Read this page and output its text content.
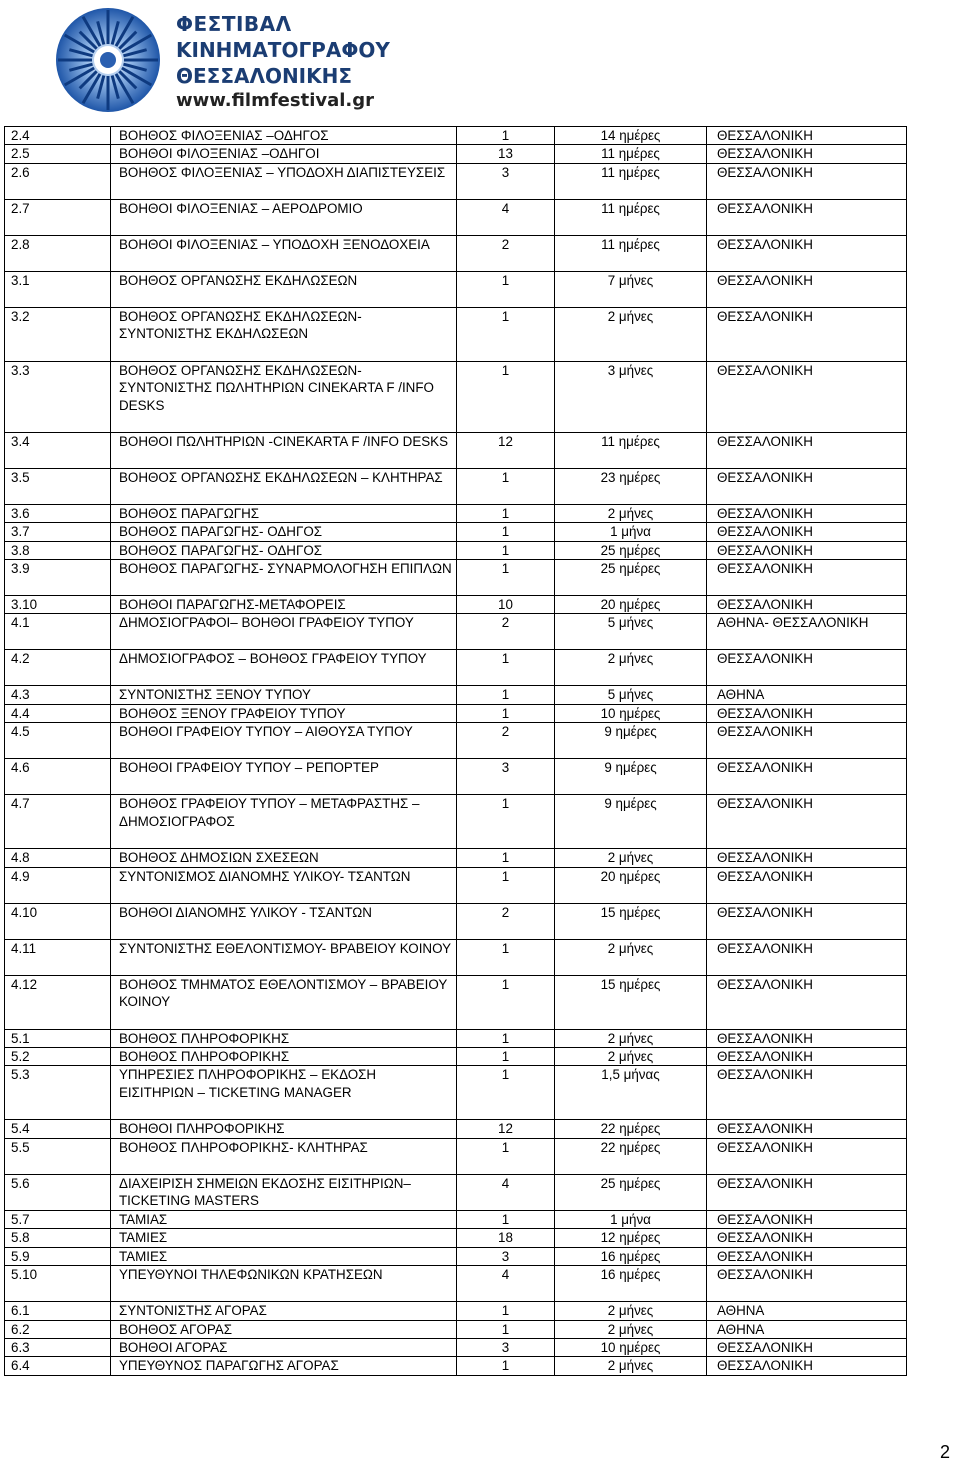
ΦΕΣΤΙΒΑΛ
ΚΙΝΗΜΑΤΟΓΡΑΦΟΥ
ΘΕΣΣΑΛΟΝΙΚΗΣ
www.filmfestival.gr
2.4	ΒΟΗΘΟΣ ΦΙΛΟΞΕΝΙΑΣ –ΟΔΗΓΟΣ	1	14 ημέρες	ΘΕΣΣΑΛΟΝΙΚΗ
2.5	ΒΟΗΘΟΙ ΦΙΛΟΞΕΝΙΑΣ –ΟΔΗΓΟΙ	13	11 ημέρες	ΘΕΣΣΑΛΟΝΙΚΗ
2.6	ΒΟΗΘΟΣ ΦΙΛΟΞΕΝΙΑΣ – ΥΠΟΔΟΧΗ ΔΙΑΠΙΣΤΕΥΣΕΙΣ	3	11 ημέρες	ΘΕΣΣΑΛΟΝΙΚΗ
2.7	ΒΟΗΘΟΙ ΦΙΛΟΞΕΝΙΑΣ – ΑΕΡΟΔΡΟΜΙΟ	4	11 ημέρες	ΘΕΣΣΑΛΟΝΙΚΗ
2.8	ΒΟΗΘΟΙ ΦΙΛΟΞΕΝΙΑΣ – ΥΠΟΔΟΧΗ ΞΕΝΟΔΟΧΕΙΑ	2	11 ημέρες	ΘΕΣΣΑΛΟΝΙΚΗ
3.1	ΒΟΗΘΟΣ ΟΡΓΑΝΩΣΗΣ ΕΚΔΗΛΩΣΕΩΝ	1	7 μήνες	ΘΕΣΣΑΛΟΝΙΚΗ
3.2	ΒΟΗΘΟΣ ΟΡΓΑΝΩΣΗΣ ΕΚΔΗΛΩΣΕΩΝ- ΣΥΝΤΟΝΙΣΤΗΣ ΕΚΔΗΛΩΣΕΩΝ	1	2 μήνες	ΘΕΣΣΑΛΟΝΙΚΗ
3.3	ΒΟΗΘΟΣ ΟΡΓΑΝΩΣΗΣ ΕΚΔΗΛΩΣΕΩΝ- ΣΥΝΤΟΝΙΣΤΗΣ ΠΩΛΗΤΗΡΙΩΝ CINEKARTA F /INFO DESKS	1	3 μήνες	ΘΕΣΣΑΛΟΝΙΚΗ
3.4	ΒΟΗΘΟΙ ΠΩΛΗΤΗΡΙΩΝ -CINEKARTA F /INFO DESKS	12	11 ημέρες	ΘΕΣΣΑΛΟΝΙΚΗ
3.5	ΒΟΗΘΟΣ ΟΡΓΑΝΩΣΗΣ ΕΚΔΗΛΩΣΕΩΝ – ΚΛΗΤΗΡΑΣ	1	23 ημέρες	ΘΕΣΣΑΛΟΝΙΚΗ
3.6	ΒΟΗΘΟΣ ΠΑΡΑΓΩΓΗΣ	1	2 μήνες	ΘΕΣΣΑΛΟΝΙΚΗ
3.7	ΒΟΗΘΟΣ ΠΑΡΑΓΩΓΗΣ- ΟΔΗΓΟΣ	1	1 μήνα	ΘΕΣΣΑΛΟΝΙΚΗ
3.8	ΒΟΗΘΟΣ ΠΑΡΑΓΩΓΗΣ- ΟΔΗΓΟΣ	1	25 ημέρες	ΘΕΣΣΑΛΟΝΙΚΗ
3.9	ΒΟΗΘΟΣ ΠΑΡΑΓΩΓΗΣ- ΣΥΝΑΡΜΟΛΟΓΗΣΗ ΕΠΙΠΛΩΝ	1	25 ημέρες	ΘΕΣΣΑΛΟΝΙΚΗ
3.10	ΒΟΗΘΟΙ ΠΑΡΑΓΩΓΗΣ-ΜΕΤΑΦΟΡΕΙΣ	10	20 ημέρες	ΘΕΣΣΑΛΟΝΙΚΗ
4.1	ΔΗΜΟΣΙΟΓΡΑΦΟΙ– ΒΟΗΘΟΙ ΓΡΑΦΕΙΟΥ ΤΥΠΟΥ	2	5 μήνες	ΑΘΗΝΑ- ΘΕΣΣΑΛΟΝΙΚΗ
4.2	ΔΗΜΟΣΙΟΓΡΑΦΟΣ – ΒΟΗΘΟΣ ΓΡΑΦΕΙΟΥ ΤΥΠΟΥ	1	2 μήνες	ΘΕΣΣΑΛΟΝΙΚΗ
4.3	ΣΥΝΤΟΝΙΣΤΗΣ ΞΕΝΟΥ ΤΥΠΟΥ	1	5 μήνες	ΑΘΗΝΑ
4.4	ΒΟΗΘΟΣ ΞΕΝΟΥ ΓΡΑΦΕΙΟΥ ΤΥΠΟΥ	1	10 ημέρες	ΘΕΣΣΑΛΟΝΙΚΗ
4.5	ΒΟΗΘΟΙ ΓΡΑΦΕΙΟΥ ΤΥΠΟΥ – ΑΙΘΟΥΣΑ ΤΥΠΟΥ	2	9 ημέρες	ΘΕΣΣΑΛΟΝΙΚΗ
4.6	ΒΟΗΘΟΙ ΓΡΑΦΕΙΟΥ ΤΥΠΟΥ – ΡΕΠΟΡΤΕΡ	3	9 ημέρες	ΘΕΣΣΑΛΟΝΙΚΗ
4.7	ΒΟΗΘΟΣ ΓΡΑΦΕΙΟΥ ΤΥΠΟΥ – ΜΕΤΑΦΡΑΣΤΗΣ – ΔΗΜΟΣΙΟΓΡΑΦΟΣ	1	9 ημέρες	ΘΕΣΣΑΛΟΝΙΚΗ
4.8	ΒΟΗΘΟΣ ΔΗΜΟΣΙΩΝ ΣΧΕΣΕΩΝ	1	2 μήνες	ΘΕΣΣΑΛΟΝΙΚΗ
4.9	ΣΥΝΤΟΝΙΣΜΟΣ ΔΙΑΝΟΜΗΣ ΥΛΙΚΟΥ- ΤΣΑΝΤΩΝ	1	20 ημέρες	ΘΕΣΣΑΛΟΝΙΚΗ
4.10	ΒΟΗΘΟΙ ΔΙΑΝΟΜΗΣ ΥΛΙΚΟΥ - ΤΣΑΝΤΩΝ	2	15 ημέρες	ΘΕΣΣΑΛΟΝΙΚΗ
4.11	ΣΥΝΤΟΝΙΣΤΗΣ ΕΘΕΛΟΝΤΙΣΜΟΥ- ΒΡΑΒΕΙΟΥ ΚΟΙΝΟΥ	1	2 μήνες	ΘΕΣΣΑΛΟΝΙΚΗ
4.12	ΒΟΗΘΟΣ ΤΜΗΜΑΤΟΣ ΕΘΕΛΟΝΤΙΣΜΟΥ – ΒΡΑΒΕΙΟΥ ΚΟΙΝΟΥ	1	15 ημέρες	ΘΕΣΣΑΛΟΝΙΚΗ
5.1	ΒΟΗΘΟΣ ΠΛΗΡΟΦΟΡΙΚΗΣ	1	2 μήνες	ΘΕΣΣΑΛΟΝΙΚΗ
5.2	ΒΟΗΘΟΣ ΠΛΗΡΟΦΟΡΙΚΗΣ	1	2 μήνες	ΘΕΣΣΑΛΟΝΙΚΗ
5.3	ΥΠΗΡΕΣΙΕΣ ΠΛΗΡΟΦΟΡΙΚΗΣ – ΕΚΔΟΣΗ ΕΙΣΙΤΗΡΙΩΝ – TICKETING MANAGER	1	1,5 μήνας	ΘΕΣΣΑΛΟΝΙΚΗ
5.4	ΒΟΗΘΟΙ ΠΛΗΡΟΦΟΡΙΚΗΣ	12	22 ημέρες	ΘΕΣΣΑΛΟΝΙΚΗ
5.5	ΒΟΗΘΟΣ ΠΛΗΡΟΦΟΡΙΚΗΣ- ΚΛΗΤΗΡΑΣ	1	22 ημέρες	ΘΕΣΣΑΛΟΝΙΚΗ
5.6	ΔΙΑΧΕΙΡΙΣΗ ΣΗΜΕΙΩΝ ΕΚΔΟΣΗΣ ΕΙΣΙΤΗΡΙΩΝ– TICKETING MASTERS	4	25 ημέρες	ΘΕΣΣΑΛΟΝΙΚΗ
5.7	ΤΑΜΙΑΣ	1	1 μήνα	ΘΕΣΣΑΛΟΝΙΚΗ
5.8	ΤΑΜΙΕΣ	18	12 ημέρες	ΘΕΣΣΑΛΟΝΙΚΗ
5.9	ΤΑΜΙΕΣ	3	16 ημέρες	ΘΕΣΣΑΛΟΝΙΚΗ
5.10	ΥΠΕΥΘΥΝΟΙ ΤΗΛΕΦΩΝΙΚΩΝ ΚΡΑΤΗΣΕΩΝ	4	16 ημέρες	ΘΕΣΣΑΛΟΝΙΚΗ
6.1	ΣΥΝΤΟΝΙΣΤΗΣ ΑΓΟΡΑΣ	1	2 μήνες	ΑΘΗΝΑ
6.2	ΒΟΗΘΟΣ ΑΓΟΡΑΣ	1	2 μήνες	ΑΘΗΝΑ
6.3	ΒΟΗΘΟΙ ΑΓΟΡΑΣ	3	10 ημέρες	ΘΕΣΣΑΛΟΝΙΚΗ
6.4	ΥΠΕΥΘΥΝΟΣ ΠΑΡΑΓΩΓΗΣ ΑΓΟΡΑΣ	1	2 μήνες	ΘΕΣΣΑΛΟΝΙΚΗ
2
